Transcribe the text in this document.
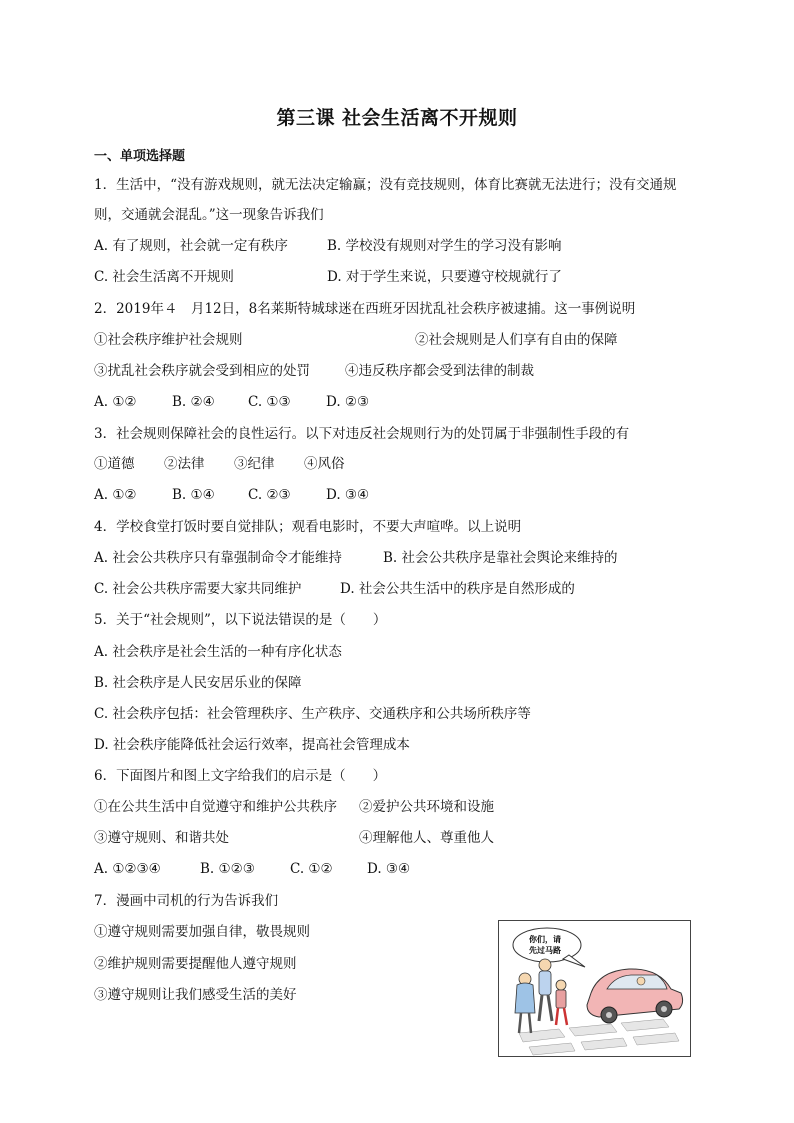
第三课 社会生活离不开规则
一、单项选择题
1．生活中，“没有游戏规则，就无法决定输赢；没有竞技规则，体育比赛就无法进行；没有交通规
则，交通就会混乱。”这一现象告诉我们
A. 有了规则，社会就一定有秩序	B. 学校没有规则对学生的学习没有影响
C. 社会生活离不开规则	D. 对于学生来说，只要遵守校规就行了
2．2019年４　月12日，8名莱斯特城球迷在西班牙因扰乱社会秩序被逮捕。这一事例说明
①社会秩序维护社会规则	②社会规则是人们享有自由的保障
③扰乱社会秩序就会受到相应的处罚	④违反秩序都会受到法律的制裁
A. ①②	B. ②④ C. ①③	D. ②③
3．社会规则保障社会的良性运行。以下对违反社会规则行为的处罚属于非强制性手段的有
①道德 ②法律 ③纪律 ④风俗
A. ①②	B. ①④ C. ②③	D. ③④
4．学校食堂打饭时要自觉排队；观看电影时，不要大声喧哗。以上说明
A. 社会公共秩序只有靠强制命令才能维持	B. 社会公共秩序是靠社会舆论来维持的
C. 社会公共秩序需要大家共同维护	D. 社会公共生活中的秩序是自然形成的
5．关于“社会规则”，以下说法错误的是（　　）
A. 社会秩序是社会生活的一种有序化状态
B. 社会秩序是人民安居乐业的保障
C. 社会秩序包括：社会管理秩序、生产秩序、交通秩序和公共场所秩序等
D. 社会秩序能降低社会运行效率，提高社会管理成本
6．下面图片和图上文字给我们的启示是（　　）
①在公共生活中自觉遵守和维护公共秩序 ②爱护公共环境和设施
③遵守规则、和谐共处	④理解他人、尊重他人
A. ①②③④	B. ①②③	C. ①②	D. ③④
7．漫画中司机的行为告诉我们
①遵守规则需要加强自律，敬畏规则
②维护规则需要提醒他人遵守规则
③遵守规则让我们感受生活的美好
你们，请
先过马路
